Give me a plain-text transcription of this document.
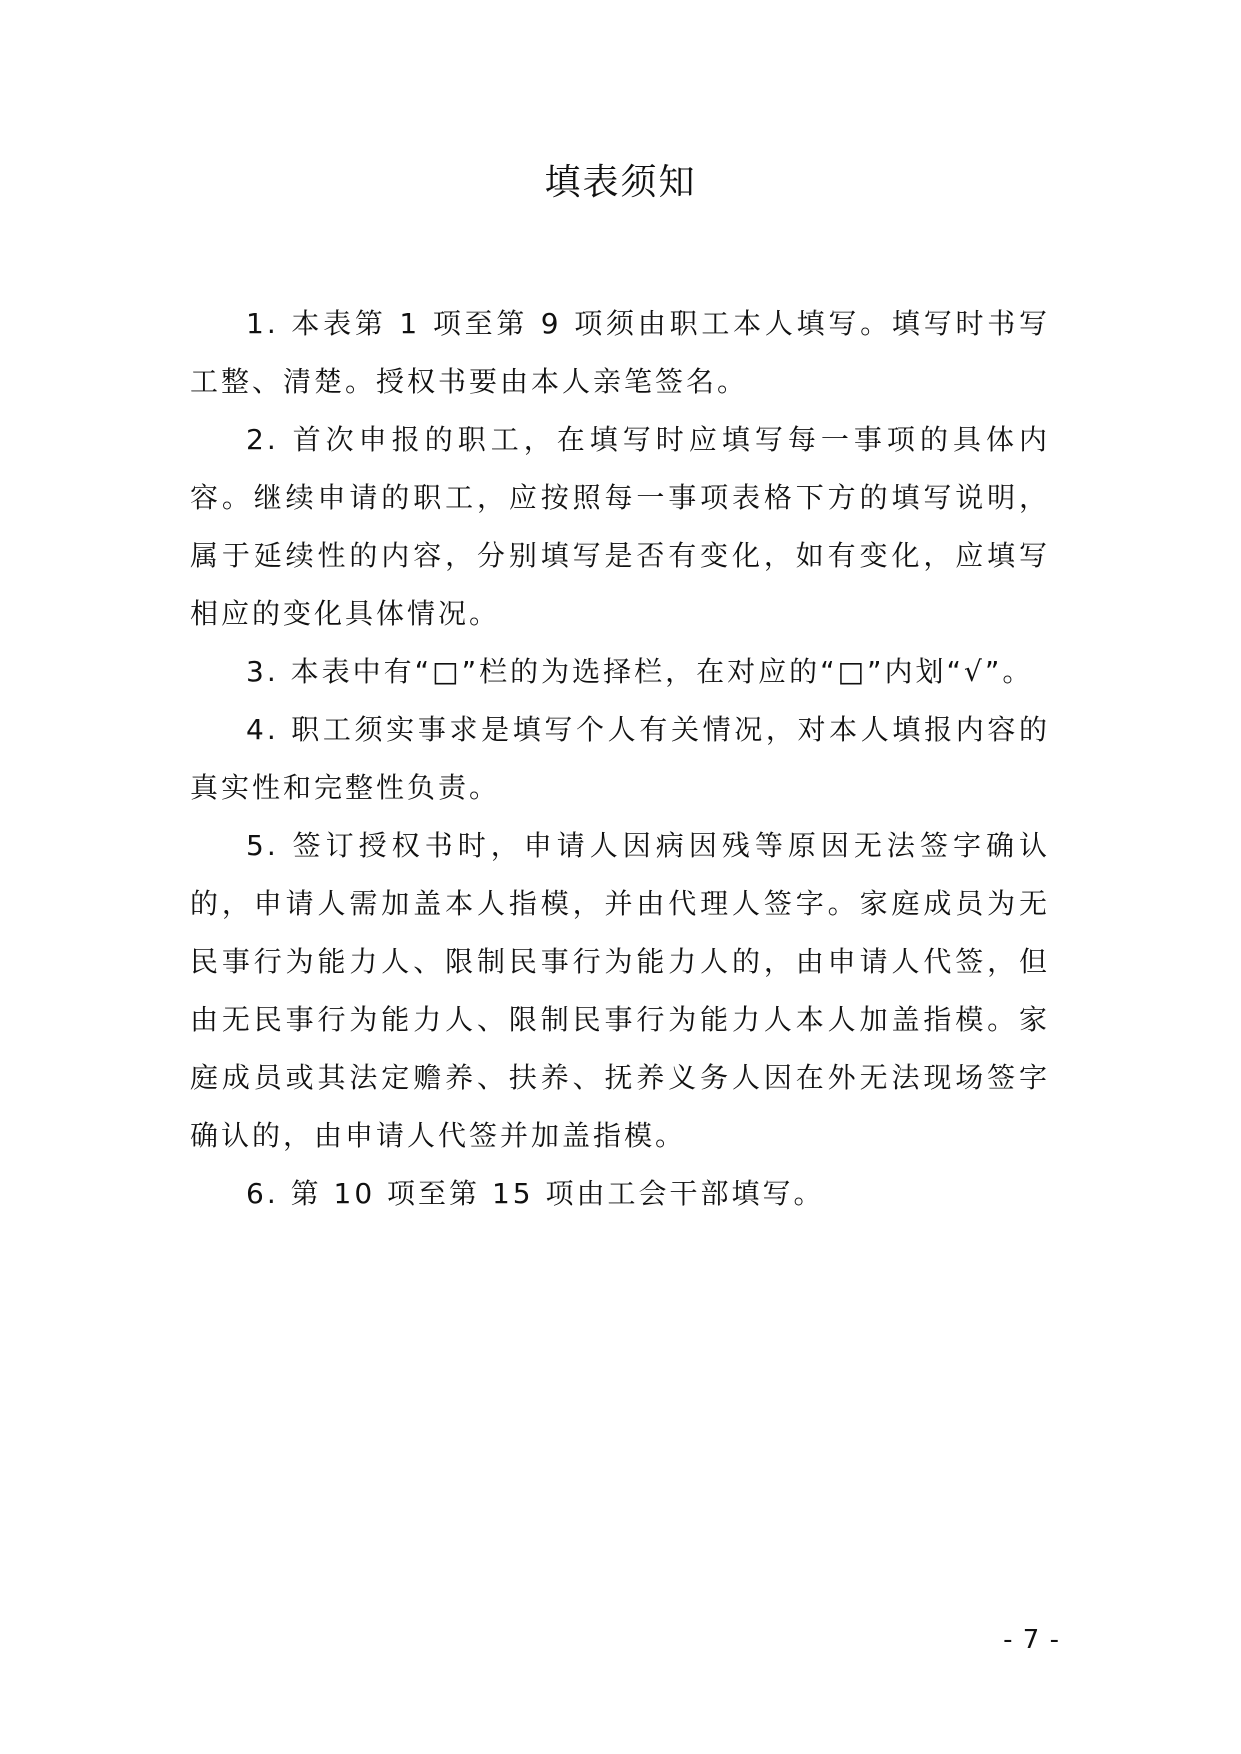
填表须知

1. 本表第 1 项至第 9 项须由职工本人填写。填写时书写工整、清楚。授权书要由本人亲笔签名。

2. 首次申报的职工，在填写时应填写每一事项的具体内容。继续申请的职工，应按照每一事项表格下方的填写说明，属于延续性的内容，分别填写是否有变化，如有变化，应填写相应的变化具体情况。

3. 本表中有“□”栏的为选择栏，在对应的“□”内划“√”。

4. 职工须实事求是填写个人有关情况，对本人填报内容的真实性和完整性负责。

5. 签订授权书时，申请人因病因残等原因无法签字确认的，申请人需加盖本人指模，并由代理人签字。家庭成员为无民事行为能力人、限制民事行为能力人的，由申请人代签，但由无民事行为能力人、限制民事行为能力人本人加盖指模。家庭成员或其法定赡养、扶养、抚养义务人因在外无法现场签字确认的，由申请人代签并加盖指模。

6. 第 10 项至第 15 项由工会干部填写。

- 7 -
